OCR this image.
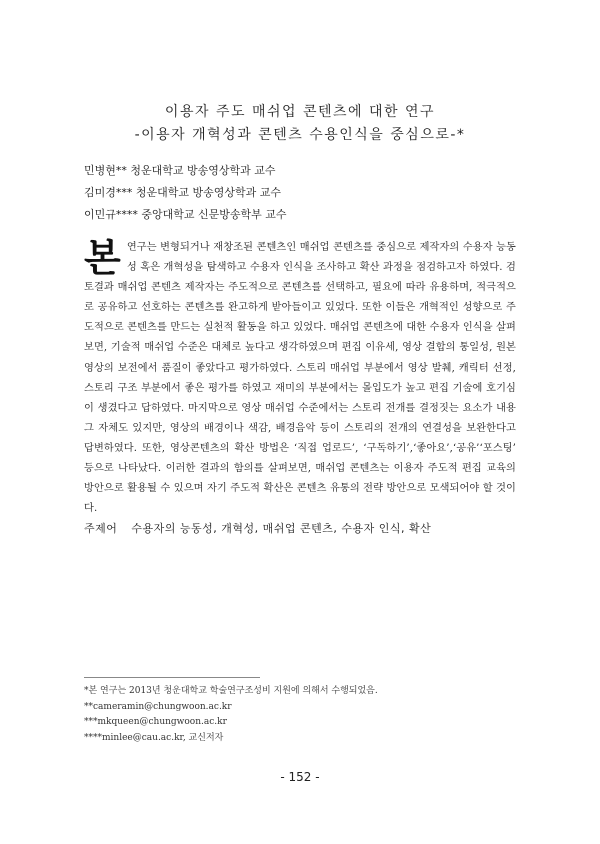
이용자 주도 매쉬업 콘텐츠에 대한 연구
-이용자 개혁성과 콘텐츠 수용인식을 중심으로-*
민병현** 청운대학교 방송영상학과 교수
김미경*** 청운대학교 방송영상학과 교수
이민규**** 중앙대학교 신문방송학부 교수
본연구는 변형되거나 재창조된 콘텐츠인 매쉬업 콘텐츠를 중심으로 제작자의 수용자 능동성 혹은 개혁성을 탐색하고 수용자 인식을 조사하고 확산 과정을 점검하고자 하였다. 검토결과 매쉬업 콘텐츠 제작자는 주도적으로 콘텐츠를 선택하고, 필요에 따라 유용하며, 적극적으로 공유하고 선호하는 콘텐츠를 완고하게 받아들이고 있었다. 또한 이들은 개혁적인 성향으로 주도적으로 콘텐츠를 만드는 실천적 활동을 하고 있었다. 매쉬업 콘텐츠에 대한 수용자 인식을 살펴보면, 기술적 매쉬업 수준은 대체로 높다고 생각하였으며 편집 이유세, 영상 결합의 통일성, 원본 영상의 보전에서 품질이 좋았다고 평가하였다. 스토리 매쉬업 부분에서 영상 발췌, 캐릭터 선정, 스토리 구조 부분에서 좋은 평가를 하였고 재미의 부분에서는 몰입도가 높고 편집 기술에 호기심이 생겼다고 답하였다. 마지막으로 영상 매쉬업 수준에서는 스토리 전개를 결정짓는 요소가 내용 그 자체도 있지만, 영상의 배경이나 색감, 배경음악 등이 스토리의 전개의 연결성을 보완한다고 답변하였다. 또한, 영상콘텐츠의 확산 방법은 ‘직접 업로드’, ‘구독하기’,‘좋아요’,‘공유’‘포스팅’ 등으로 나타났다. 이러한 결과의 함의를 살펴보면, 매쉬업 콘텐츠는 이용자 주도적 편집 교육의 방안으로 활용될 수 있으며 자기 주도적 확산은 콘텐츠 유통의 전략 방안으로 모색되어야 할 것이다.
주제어 수용자의 능동성, 개혁성, 매쉬업 콘텐츠, 수용자 인식, 확산
*본 연구는 2013년 청운대학교 학술연구조성비 지원에 의해서 수행되었음.
**cameramin@chungwoon.ac.kr
***mkqueen@chungwoon.ac.kr
****minlee@cau.ac.kr, 교신저자
- 152 -
